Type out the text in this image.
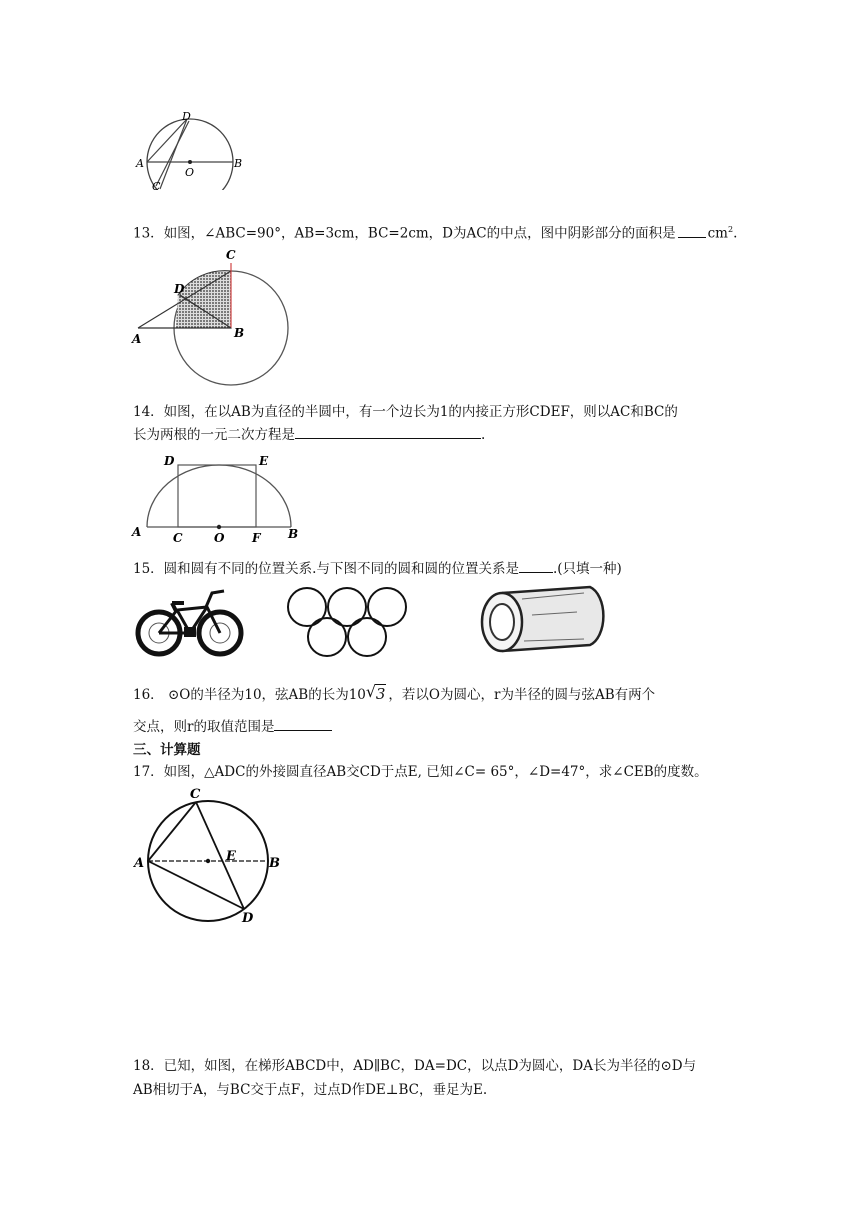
D
A	B
O
C
13．如图，∠ABC=90°，AB=3cm，BC=2cm，D为AC的中点，图中阴影部分的面积是 $cm^2$.
C
D
A	B
14．如图，在以AB为直径的半圆中，有一个边长为1的内接正方形CDEF，则以AC和BC的
长为两根的一元二次方程是	.
D	E
A	C	O F B
15．圆和圆有不同的位置关系.与下图不同的圆和圆的位置关系是	.(只填一种)
16． ⊙O的半径为10，弦AB的长为10 √ 3 ，若以O为圆心，r为半径的圆与弦AB有两个
交点，则r的取值范围是
三、计算题
17．如图，△ADC的外接圆直径AB交CD于点E, 已知∠C= 65°，∠D=47°，求∠CEB的度数。
C
A	E	B
D
18．已知，如图，在梯形ABCD中，AD∥BC，DA=DC，以点D为圆心，DA长为半径的⊙D与
AB相切于A，与BC交于点F，过点D作DE⊥BC，垂足为E.
